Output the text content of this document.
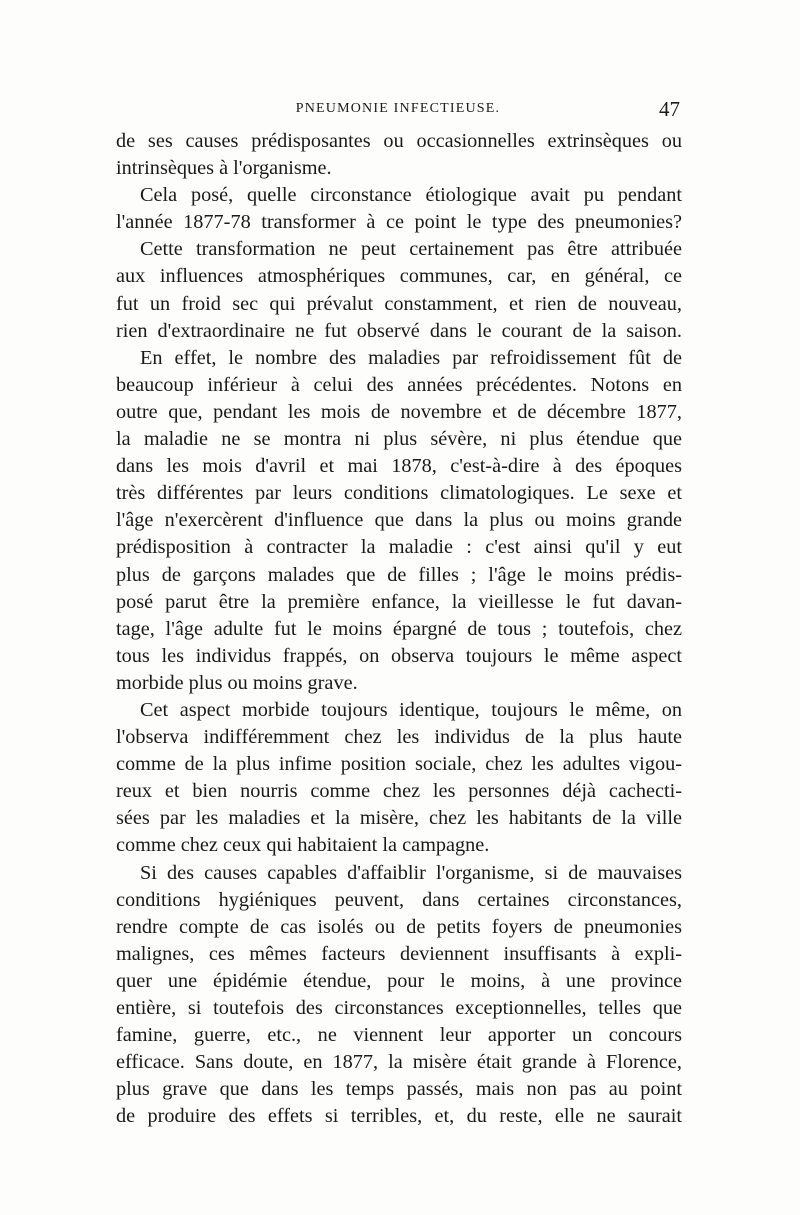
PNEUMONIE INFECTIEUSE.	47
de ses causes prédisposantes ou occasionnelles extrinsèques ou
intrinsèques à l'organisme.
Cela posé, quelle circonstance étiologique avait pu pendant
l'année 1877-78 transformer à ce point le type des pneumonies?
Cette transformation ne peut certainement pas être attribuée
aux influences atmosphériques communes, car, en général, ce
fut un froid sec qui prévalut constamment, et rien de nouveau,
rien d'extraordinaire ne fut observé dans le courant de la saison.
En effet, le nombre des maladies par refroidissement fût de
beaucoup inférieur à celui des années précédentes. Notons en
outre que, pendant les mois de novembre et de décembre 1877,
la maladie ne se montra ni plus sévère, ni plus étendue que
dans les mois d'avril et mai 1878, c'est-à-dire à des époques
très différentes par leurs conditions climatologiques. Le sexe et
l'âge n'exercèrent d'influence que dans la plus ou moins grande
prédisposition à contracter la maladie : c'est ainsi qu'il y eut
plus de garçons malades que de filles ; l'âge le moins prédis-
posé parut être la première enfance, la vieillesse le fut davan-
tage, l'âge adulte fut le moins épargné de tous ; toutefois, chez
tous les individus frappés, on observa toujours le même aspect
morbide plus ou moins grave.
Cet aspect morbide toujours identique, toujours le même, on
l'observa indifféremment chez les individus de la plus haute
comme de la plus infime position sociale, chez les adultes vigou-
reux et bien nourris comme chez les personnes déjà cachecti-
sées par les maladies et la misère, chez les habitants de la ville
comme chez ceux qui habitaient la campagne.
Si des causes capables d'affaiblir l'organisme, si de mauvaises
conditions hygiéniques peuvent, dans certaines circonstances,
rendre compte de cas isolés ou de petits foyers de pneumonies
malignes, ces mêmes facteurs deviennent insuffisants à expli-
quer une épidémie étendue, pour le moins, à une province
entière, si toutefois des circonstances exceptionnelles, telles que
famine, guerre, etc., ne viennent leur apporter un concours
efficace. Sans doute, en 1877, la misère était grande à Florence,
plus grave que dans les temps passés, mais non pas au point
de produire des effets si terribles, et, du reste, elle ne saurait
